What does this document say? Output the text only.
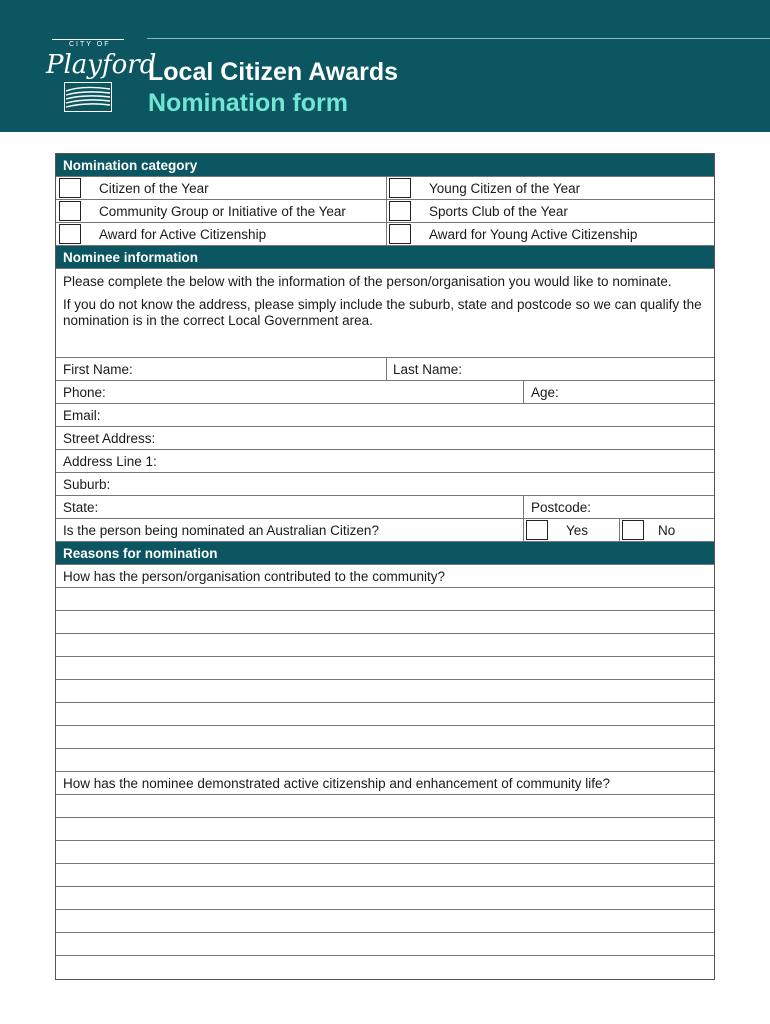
CITY OF
Playford
Local Citizen Awards
Nomination form
Nomination category
Citizen of the Year	Young Citizen of the Year
Community Group or Initiative of the Year	Sports Club of the Year
Award for Active Citizenship	Award for Young Active Citizenship
Nominee information

Please complete the below with the information of the person/organisation you would like to nominate.

If you do not know the address, please simply include the suburb, state and postcode so we can qualify the nomination is in the correct Local Government area.

First Name:	Last Name:
Phone:	Age:
Email:
Street Address:
Address Line 1:
Suburb:
State:	Postcode:
Is the person being nominated an Australian Citizen?	Yes	No
Reasons for nomination
How has the person/organisation contributed to the community?
How has the nominee demonstrated active citizenship and enhancement of community life?
